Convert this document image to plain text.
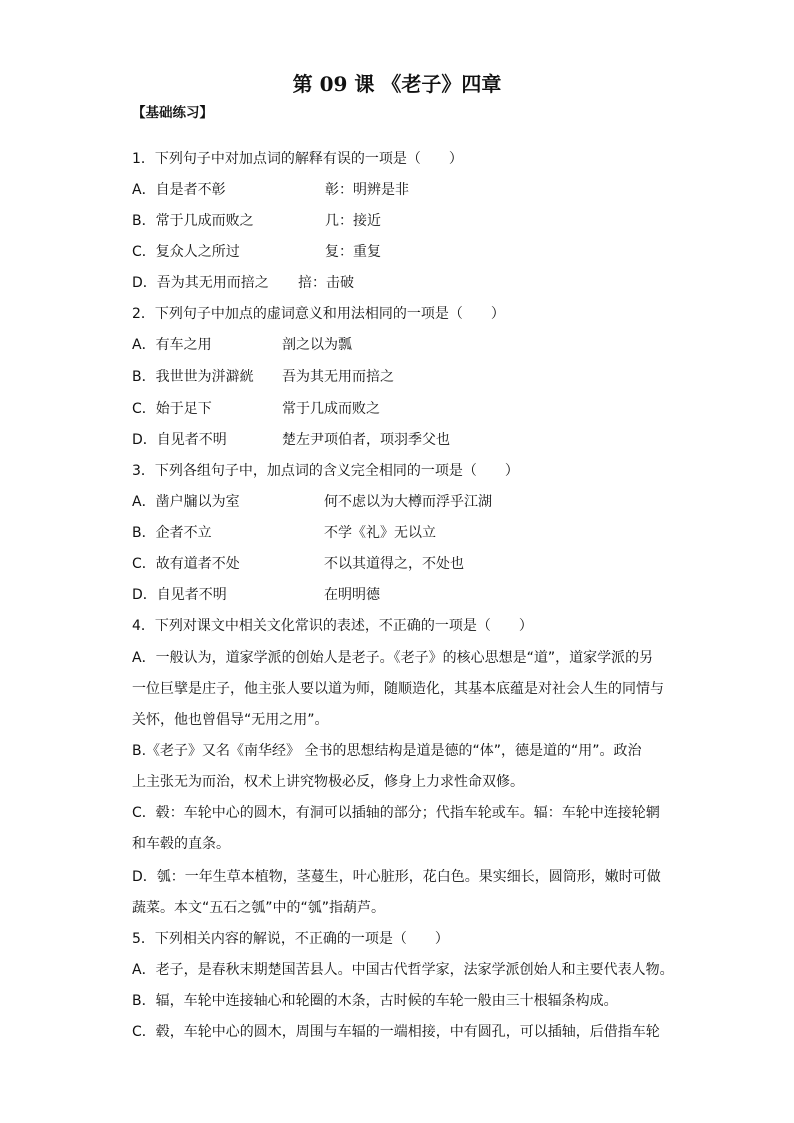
第 09 课 《老子》四章
【基础练习】
1．下列句子中对加点词的解释有误的一项是（　　）
A．自是者不彰	彰：明辨是非
B．常于几成而败之	几：接近
C．复众人之所过	复：重复
D．吾为其无用而掊之 掊：击破
2．下列句子中加点的虚词意义和用法相同的一项是（　　）
A．有车之用	剖之以为瓢
B．我世世为洴澼絖 吾为其无用而掊之
C．始于足下	常于几成而败之
D．自见者不明	楚左尹项伯者，项羽季父也
3．下列各组句子中，加点词的含义完全相同的一项是（　　）
A．凿户牖以为室	何不虑以为大樽而浮乎江湖
B．企者不立	不学《礼》无以立
C．故有道者不处	不以其道得之，不处也
D．自见者不明	在明明德
4．下列对课文中相关文化常识的表述，不正确的一项是（　　）
A．一般认为，道家学派的创始人是老子。《老子》的核心思想是“道”，道家学派的另
一位巨擘是庄子，他主张人要以道为师，随顺造化，其基本底蕴是对社会人生的同情与
关怀，他也曾倡导“无用之用”。
B.《老子》又名《南华经》 全书的思想结构是道是德的“体”，德是道的“用”。政治
上主张无为而治，权术上讲究物极必反，修身上力求性命双修。
C．毂：车轮中心的圆木，有洞可以插轴的部分；代指车轮或车。辐：车轮中连接轮辋
和车毂的直条。
D．瓠：一年生草本植物，茎蔓生，叶心脏形，花白色。果实细长，圆筒形，嫩时可做
蔬菜。本文“五石之瓠”中的“瓠”指葫芦。
5．下列相关内容的解说，不正确的一项是（　　）
A．老子，是春秋末期楚国苦县人。中国古代哲学家，法家学派创始人和主要代表人物。
B．辐，车轮中连接轴心和轮圈的木条，古时候的车轮一般由三十根辐条构成。
C．毂，车轮中心的圆木，周围与车辐的一端相接，中有圆孔，可以插轴，后借指车轮
